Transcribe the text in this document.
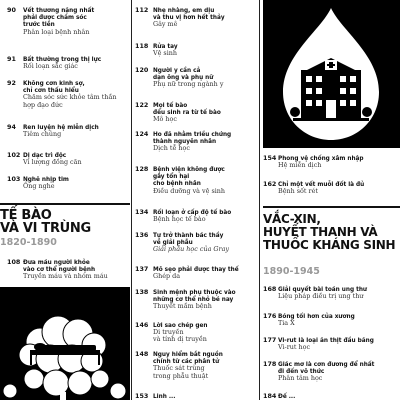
90 Vết thương nặng nhất
phải được chăm sóc
trước tiên
Phân loại bệnh nhân
91 Bất thường trong thị lực
Rối loạn sắc giác
92 Không cơn kinh sợ,
chỉ cơn thấu hiểu
Chăm sóc sức khỏe tâm thần
hợp đạo đức
94 Ren luyện hệ miễn dịch
Tiêm chủng
102 Dị dạc trì độc
Vi lượng đồng căn
103 Nghẽ nhịp tim
Ống nghe
TẾ BÀO
VÀ VI TRÙNG
1820-1890
108 Đưa máu người khỏe
vào cơ thể người bệnh
Truyền máu và nhóm máu
112 Nhẹ nhàng, em dịu
và thu vị hơn hết thảy
Gây mê
118 Rửa tay
Vệ sinh
120 Người y cần cả
dạn ông và phụ nữ
Phụ nữ trong ngành y
122 Mọi tế bào
đều sinh ra từ tế bào
Mô học
124 Ho đã nhằm triều chứng
thành nguyên nhân
Dịch tễ học
128 Bệnh viện không được
gây tổn hại
cho bệnh nhân
Điều dưỡng và vệ sinh
134 Rối loạn ở cấp độ tế bào
Bệnh học tế bào
136 Tự trở thành bác thầy
về giải phẫu
Giải phẫu học của Gray
137 Mô sẹo phải được thay thế
Ghép da
138 Sinh mệnh phụ thuộc vào
những cơ thể nhỏ bé nay
Thuyết mầm bệnh
146 Lời sao chép gen
Di truyền
và tính dị truyền
148 Nguy hiểm bắt nguồn
chính từ các phân tử
Thuốc sát trùng
trong phẫu thuật
153 Linh ...
154 Phong vệ chống xâm nhập
Hệ miễn dịch
162 Chỉ một vết muỗi đốt là đủ
Bệnh sốt rét
VẮC-XIN,
HUYẾT THANH VÀ
THUỐC KHÁNG SINH
1890-1945
168 Giải quyết bài toán ung thư
Liệu pháp điều trị ung thư
176 Bóng tối hơn của xương
Tia X
177 Vi-rut là loại ăn thịt đầu băng
Vi-rut học
178 Giác mơ là cơn đương để nhất
đi đến vô thức
Phân tâm học
184 Đế ...
